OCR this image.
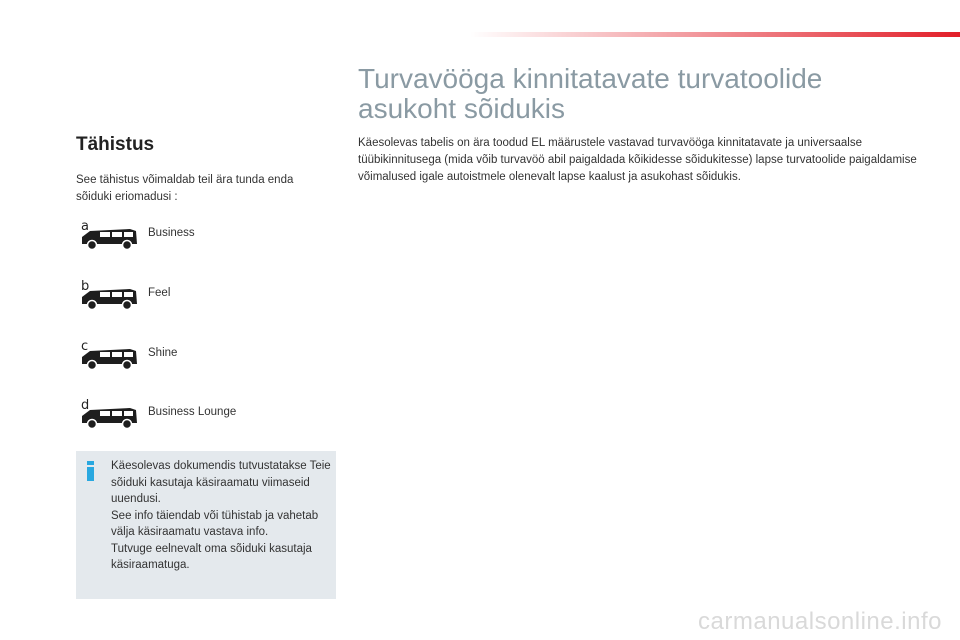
Tähistus
See tähistus võimaldab teil ära tunda enda sõiduki eriomadusi :
a	Business
b	Feel
c	Shine
d	Business Lounge

Käesolevas dokumendis tutvustatakse Teie sõiduki kasutaja käsiraamatu viimaseid uuendusi.

See info täiendab või tühistab ja vahetab välja käsiraamatu vastava info.

Tutvuge eelnevalt oma sõiduki kasutaja käsiraamatuga.

Turvavööga kinnitatavate turvatoolide
asukoht sõidukis
Käesolevas tabelis on ära toodud EL määrustele vastavad turvavööga kinnitatavate ja universaalse tüübikinnitusega (mida võib turvavöö abil paigaldada kõikidesse sõidukitesse) lapse turvatoolide paigaldamise võimalused igale autoistmele olenevalt lapse kaalust ja asukohast sõidukis.
carmanualsonline.info
